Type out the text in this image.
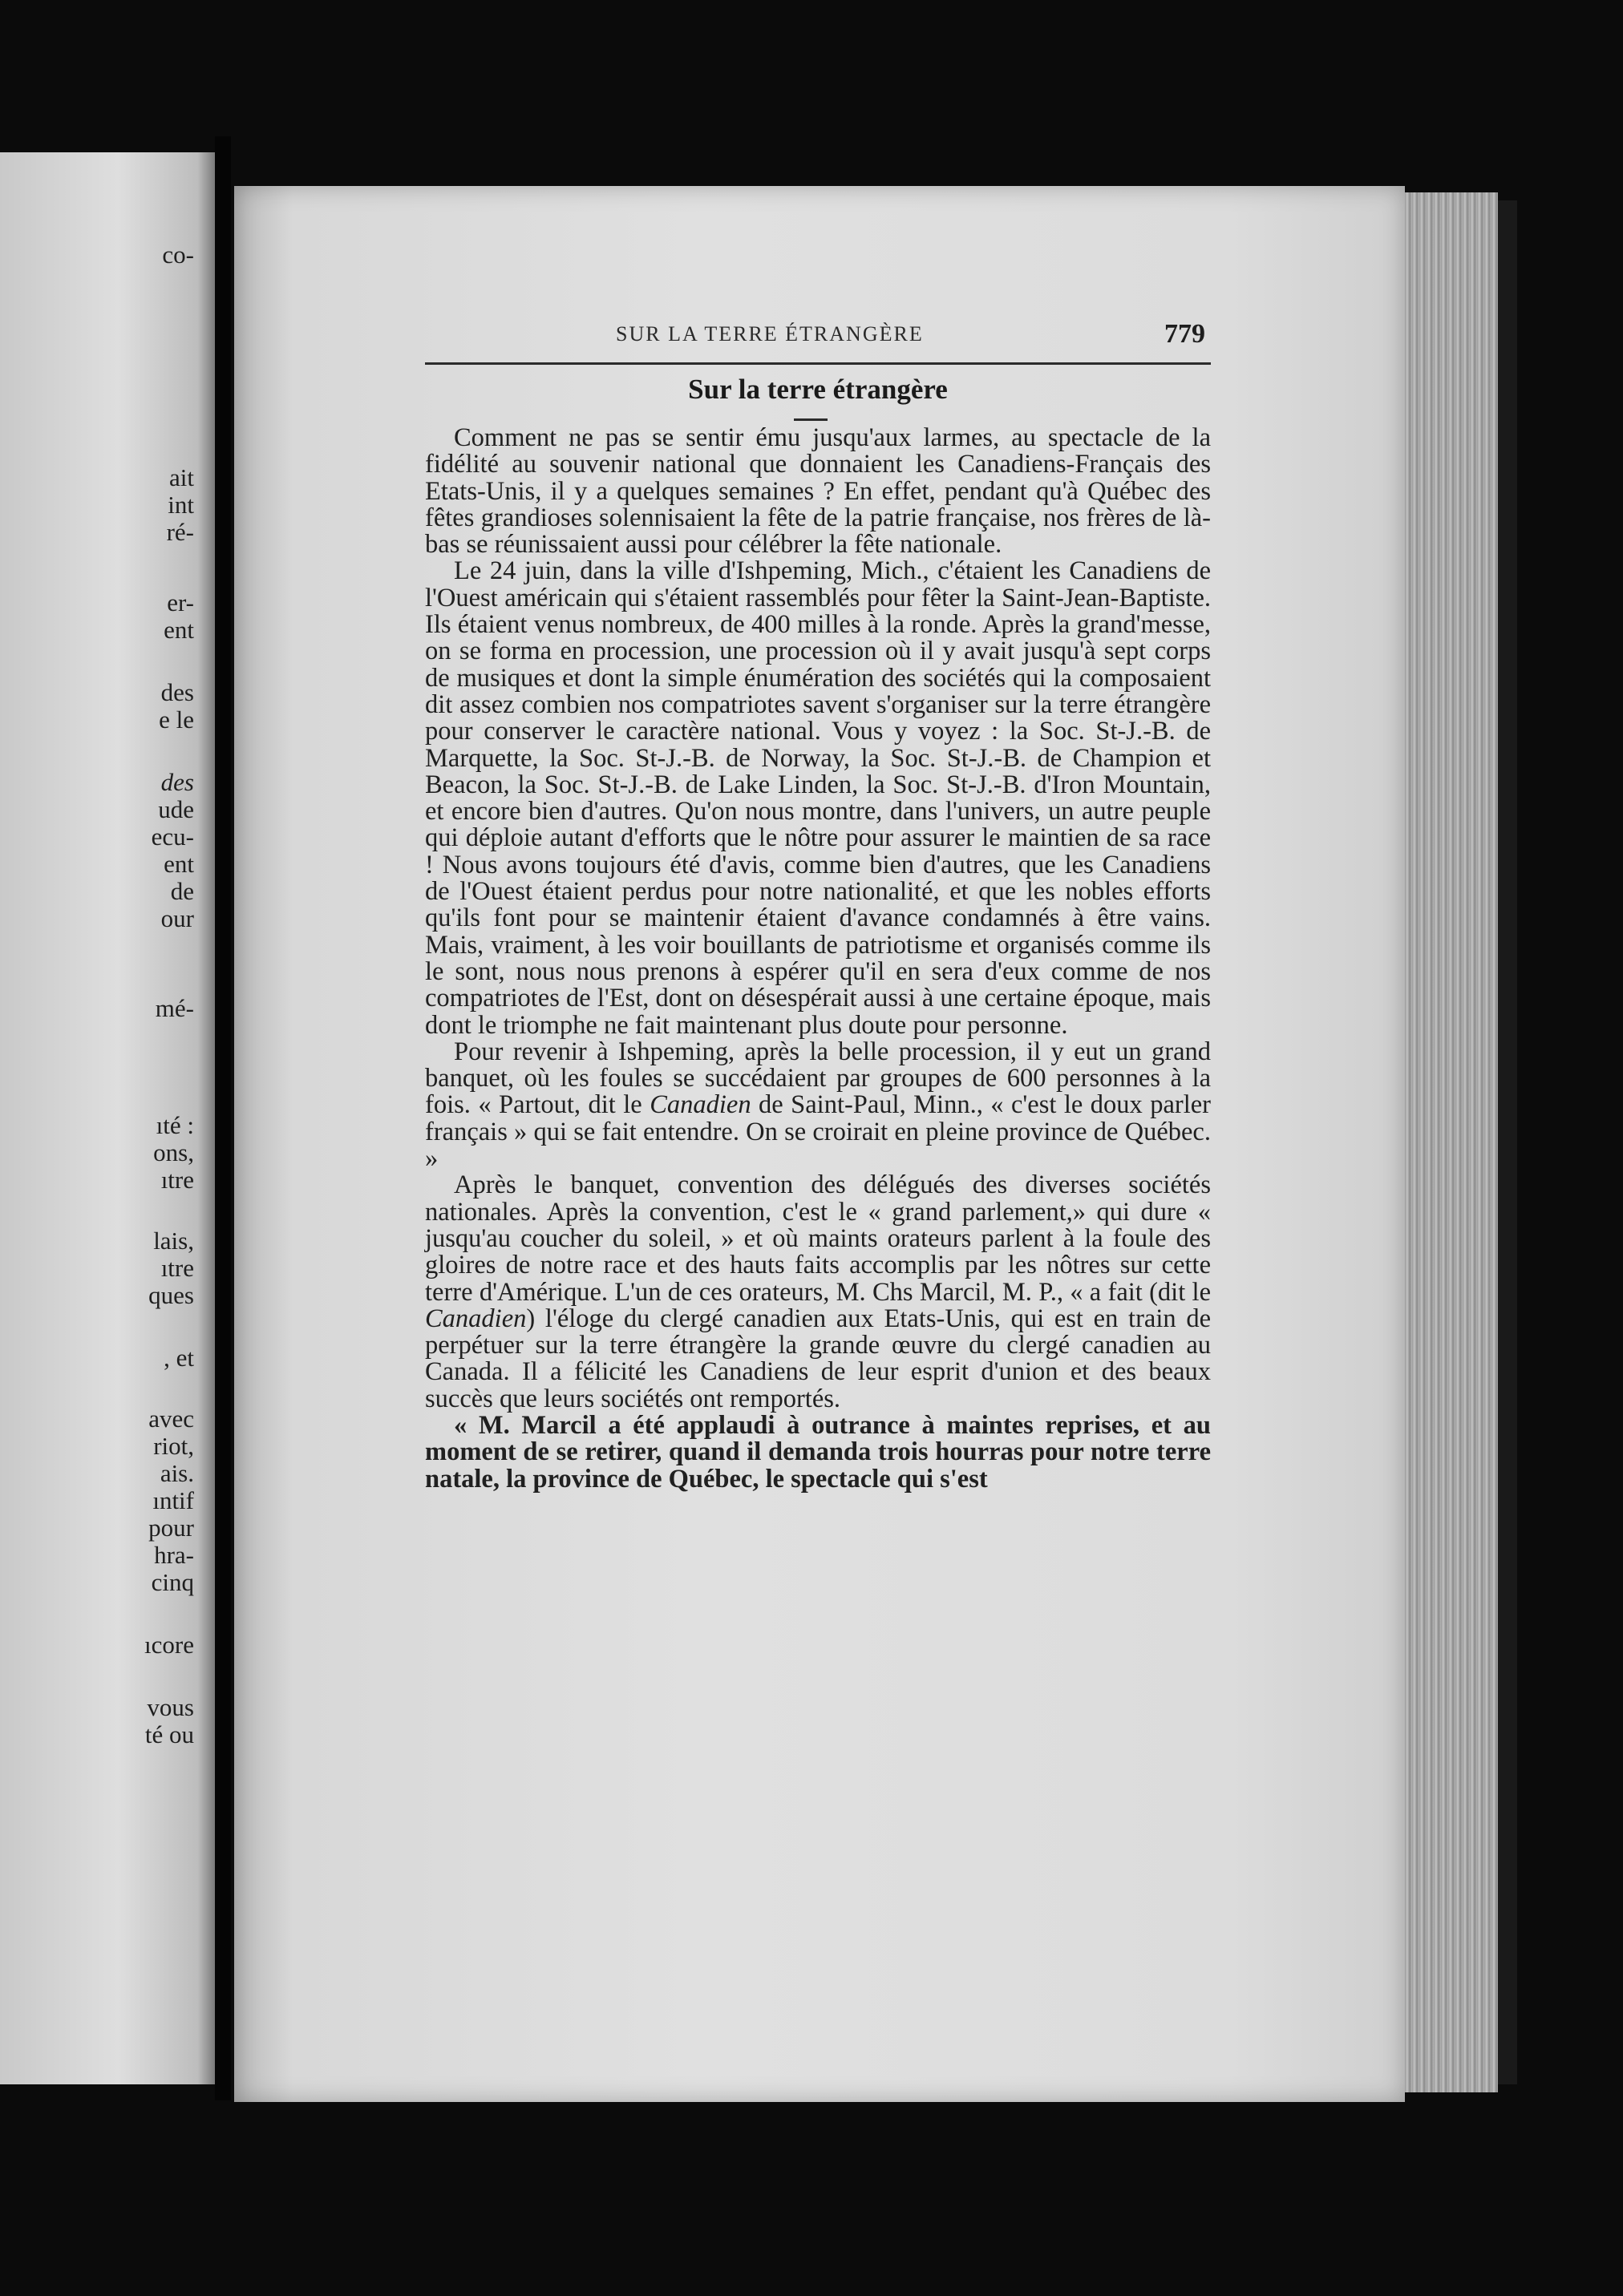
co-
ait
int
ré-
er-
ent
des
e le
des
ude
ecu-
ent
de
our
mé-
ıté :
ons,
ıtre
lais,
ıtre
ques
, et
avec
riot,
ais.
ıntif
pour
hra-
cinq
ıcore
vous
té ou
SUR LA TERRE ÉTRANGÈRE	779
Sur la terre étrangère

Comment ne pas se sentir ému jusqu'aux larmes, au spectacle de la fidélité au souvenir national que donnaient les Canadiens-Français des Etats-Unis, il y a quelques semaines ? En effet, pendant qu'à Québec des fêtes grandioses solennisaient la fête de la patrie française, nos frères de là-bas se réunissaient aussi pour célébrer la fête nationale.

Le 24 juin, dans la ville d'Ishpeming, Mich., c'étaient les Canadiens de l'Ouest américain qui s'étaient rassemblés pour fêter la Saint-Jean-Baptiste. Ils étaient venus nombreux, de 400 milles à la ronde. Après la grand'messe, on se forma en procession, une procession où il y avait jusqu'à sept corps de musiques et dont la simple énumération des sociétés qui la composaient dit assez combien nos compatriotes savent s'organiser sur la terre étrangère pour conserver le caractère national. Vous y voyez : la Soc. St-J.-B. de Marquette, la Soc. St-J.-B. de Norway, la Soc. St-J.-B. de Champion et Beacon, la Soc. St-J.-B. de Lake Linden, la Soc. St-J.-B. d'Iron Mountain, et encore bien d'autres. Qu'on nous montre, dans l'univers, un autre peuple qui déploie autant d'efforts que le nôtre pour assurer le maintien de sa race ! Nous avons toujours été d'avis, comme bien d'autres, que les Canadiens de l'Ouest étaient perdus pour notre nationalité, et que les nobles efforts qu'ils font pour se maintenir étaient d'avance condamnés à être vains. Mais, vraiment, à les voir bouillants de patriotisme et organisés comme ils le sont, nous nous prenons à espérer qu'il en sera d'eux comme de nos compatriotes de l'Est, dont on désespérait aussi à une certaine époque, mais dont le triomphe ne fait maintenant plus doute pour personne.

Pour revenir à Ishpeming, après la belle procession, il y eut un grand banquet, où les foules se succédaient par groupes de 600 personnes à la fois. « Partout, dit le Canadien de Saint-Paul, Minn., « c'est le doux parler français » qui se fait entendre. On se croirait en pleine province de Québec. »

Après le banquet, convention des délégués des diverses sociétés nationales. Après la convention, c'est le « grand parlement,» qui dure « jusqu'au coucher du soleil, » et où maints orateurs parlent à la foule des gloires de notre race et des hauts faits accomplis par les nôtres sur cette terre d'Amérique. L'un de ces orateurs, M. Chs Marcil, M. P., « a fait (dit le Canadien) l'éloge du clergé canadien aux Etats-Unis, qui est en train de perpétuer sur la terre étrangère la grande œuvre du clergé canadien au Canada. Il a félicité les Canadiens de leur esprit d'union et des beaux succès que leurs sociétés ont remportés.

« M. Marcil a été applaudi à outrance à maintes reprises, et au moment de se retirer, quand il demanda trois hourras pour notre terre natale, la province de Québec, le spectacle qui s'est
